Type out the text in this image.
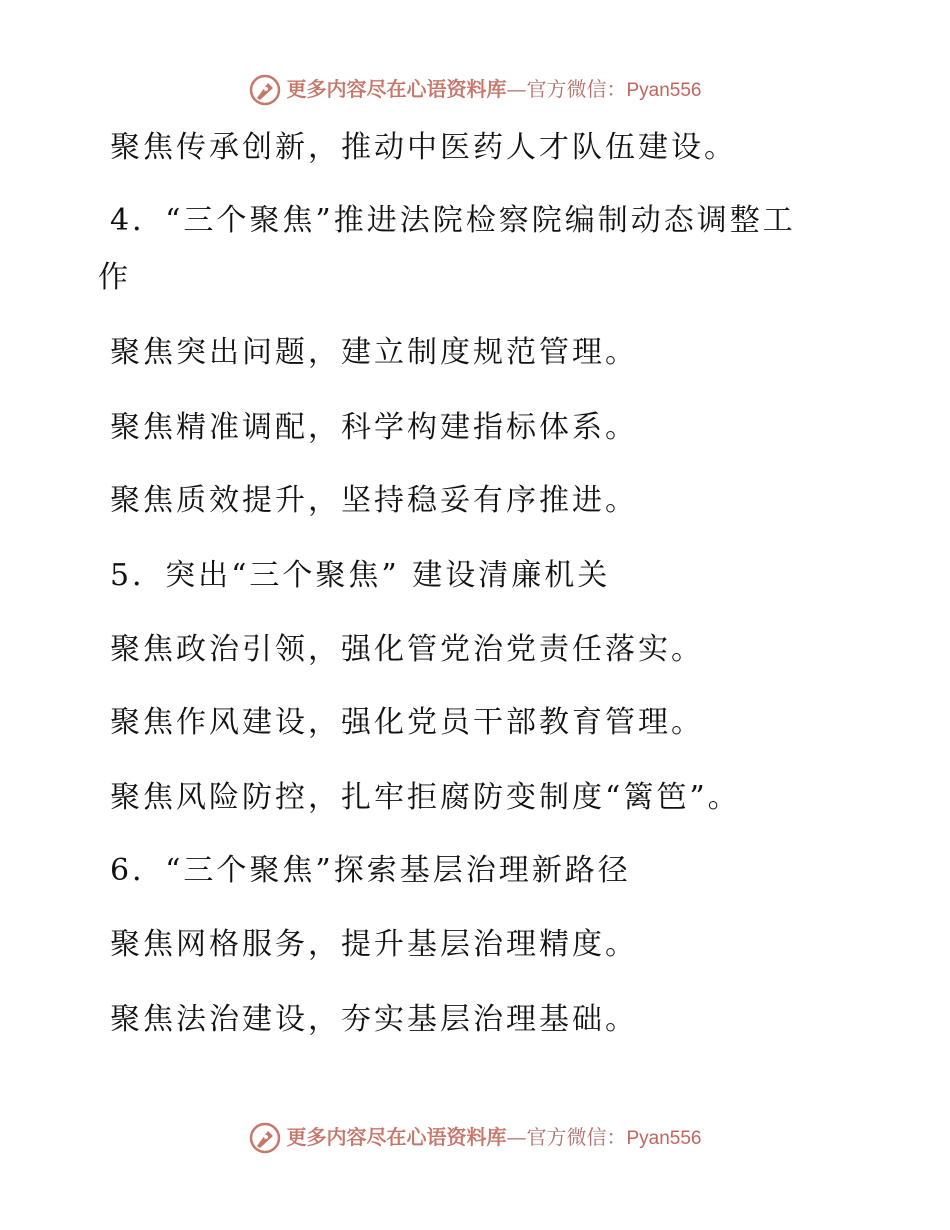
更多内容尽在心语资料库 — 官方微信： Pyan556
聚焦传承创新，推动中医药人才队伍建设。
4．“三个聚焦”推进法院检察院编制动态调整工
作
聚焦突出问题，建立制度规范管理。
聚焦精准调配，科学构建指标体系。
聚焦质效提升，坚持稳妥有序推进。
5．突出“三个聚焦” 建设清廉机关
聚焦政治引领，强化管党治党责任落实。
聚焦作风建设，强化党员干部教育管理。
聚焦风险防控，扎牢拒腐防变制度“篱笆”。
6．“三个聚焦”探索基层治理新路径
聚焦网格服务，提升基层治理精度。
聚焦法治建设，夯实基层治理基础。
更多内容尽在心语资料库 — 官方微信： Pyan556
